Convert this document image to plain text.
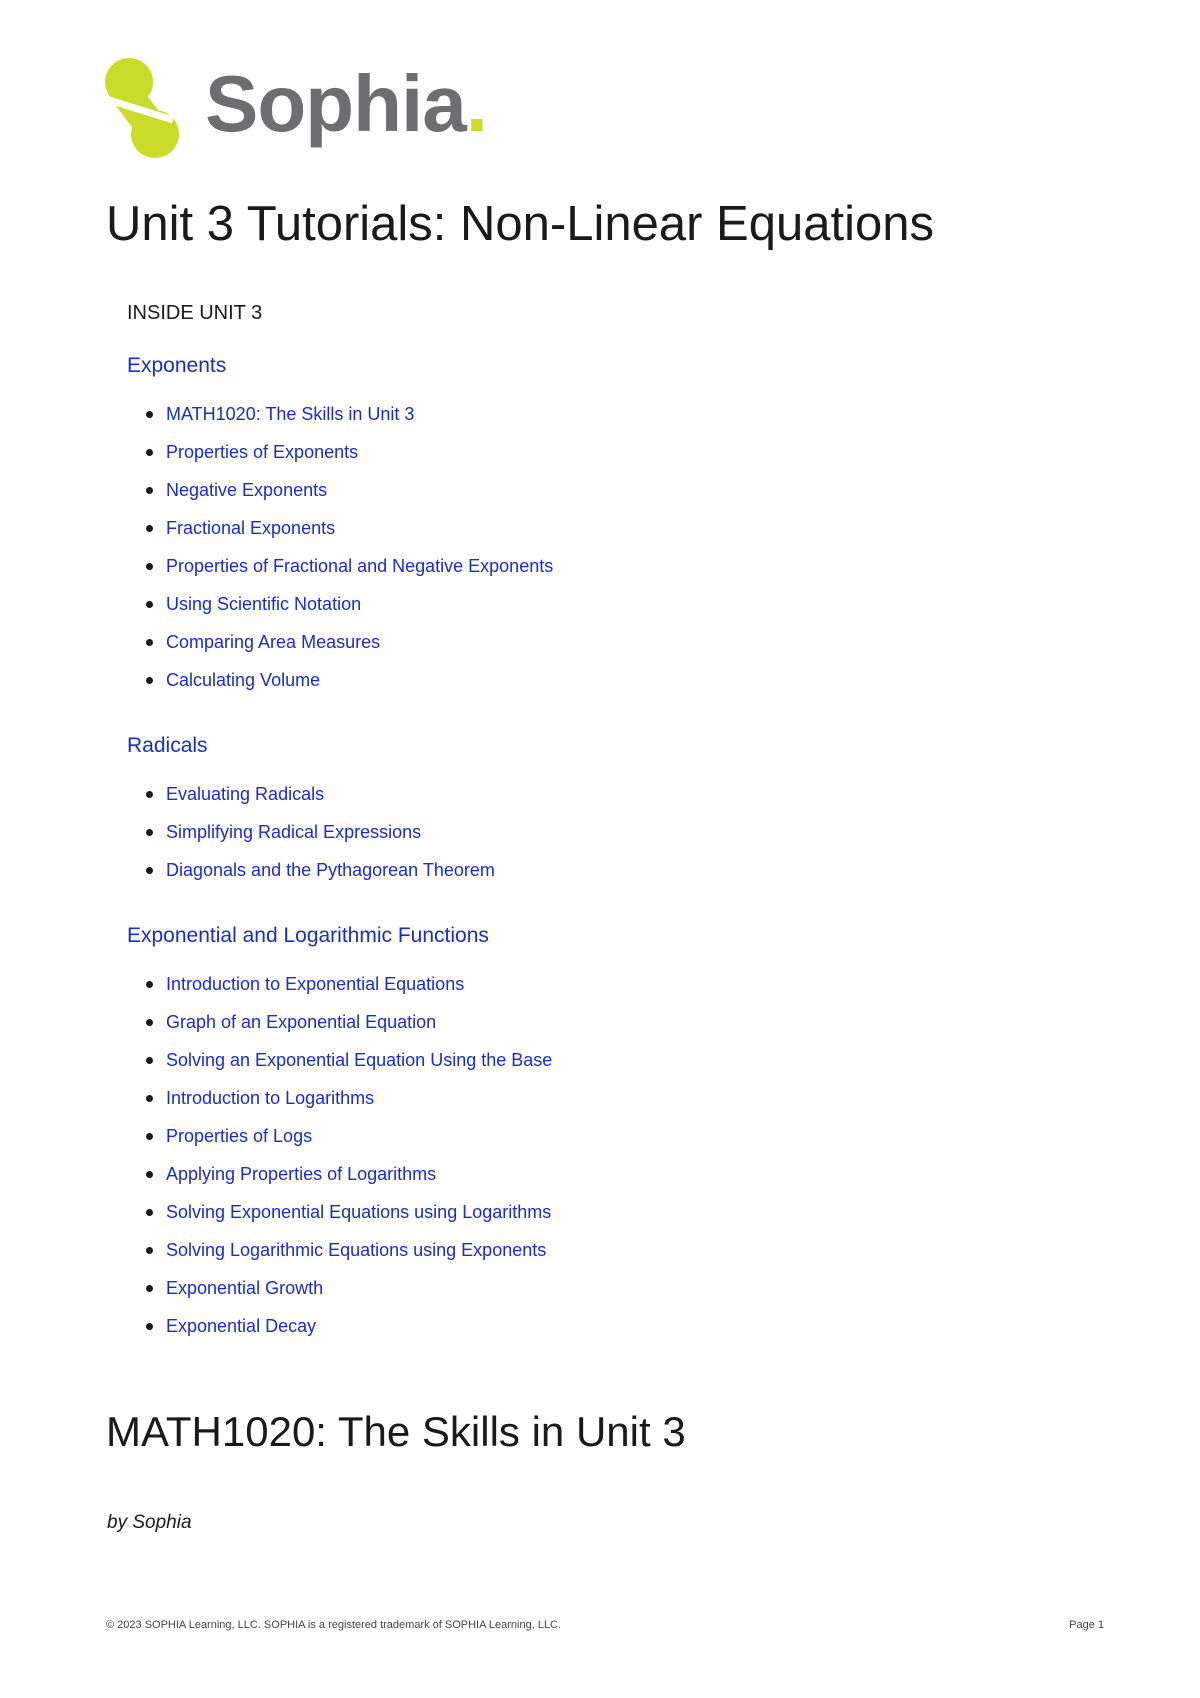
Sophia.
Unit 3 Tutorials: Non-Linear Equations
INSIDE UNIT 3
Exponents
MATH1020: The Skills in Unit 3
Properties of Exponents
Negative Exponents
Fractional Exponents
Properties of Fractional and Negative Exponents
Using Scientific Notation
Comparing Area Measures
Calculating Volume
Radicals
Evaluating Radicals
Simplifying Radical Expressions
Diagonals and the Pythagorean Theorem
Exponential and Logarithmic Functions
Introduction to Exponential Equations
Graph of an Exponential Equation
Solving an Exponential Equation Using the Base
Introduction to Logarithms
Properties of Logs
Applying Properties of Logarithms
Solving Exponential Equations using Logarithms
Solving Logarithmic Equations using Exponents
Exponential Growth
Exponential Decay
MATH1020: The Skills in Unit 3
by Sophia
© 2023 SOPHIA Learning, LLC. SOPHIA is a registered trademark of SOPHIA Learning, LLC.	Page 1
